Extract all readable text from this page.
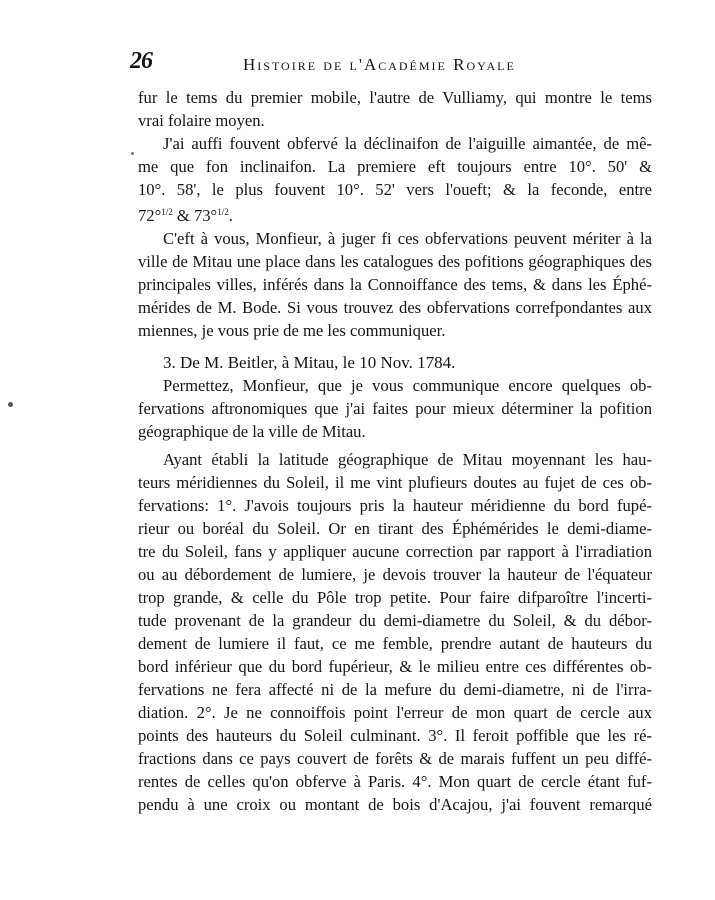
26	Histoire de l'Académie Royale
fur le tems du premier mobile, l'autre de Vulliamy, qui montre le tems
vrai folaire moyen.
J'ai auffi fouvent obfervé la déclinaifon de l'aiguille aimantée, de mê-
me que fon inclinaifon. La premiere eft toujours entre 10°. 50' &
10°. 58', le plus fouvent 10°. 52' vers l'oueft; & la feconde, entre
72°$^{1/2}$ & 73°$^{1/2}$.
C'eft à vous, Monfieur, à juger fi ces obfervations peuvent mériter à la
ville de Mitau une place dans les catalogues des pofitions géographiques des
principales villes, inférés dans la Connoiffance des tems, & dans les Éphé-
mérides de M. Bode. Si vous trouvez des obfervations correfpondantes aux
miennes, je vous prie de me les communiquer.
3. De M. Beitler, à Mitau, le 10 Nov. 1784.
Permettez, Monfieur, que je vous communique encore quelques ob-
fervations aftronomiques que j'ai faites pour mieux déterminer la pofition
géographique de la ville de Mitau.
Ayant établi la latitude géographique de Mitau moyennant les hau-
teurs méridiennes du Soleil, il me vint plufieurs doutes au fujet de ces ob-
fervations: 1°. J'avois toujours pris la hauteur méridienne du bord fupé-
rieur ou boréal du Soleil. Or en tirant des Éphémérides le demi-diame-
tre du Soleil, fans y appliquer aucune correction par rapport à l'irradiation
ou au débordement de lumiere, je devois trouver la hauteur de l'équateur
trop grande, & celle du Pôle trop petite. Pour faire difparoître l'incerti-
tude provenant de la grandeur du demi-diametre du Soleil, & du débor-
dement de lumiere il faut, ce me femble, prendre autant de hauteurs du
bord inférieur que du bord fupérieur, & le milieu entre ces différentes ob-
fervations ne fera affecté ni de la mefure du demi-diametre, ni de l'irra-
diation. 2°. Je ne connoiffois point l'erreur de mon quart de cercle aux
points des hauteurs du Soleil culminant. 3°. Il feroit poffible que les ré-
fractions dans ce pays couvert de forêts & de marais fuffent un peu diffé-
rentes de celles qu'on obferve à Paris. 4°. Mon quart de cercle étant fuf-
pendu à une croix ou montant de bois d'Acajou, j'ai fouvent remarqué
